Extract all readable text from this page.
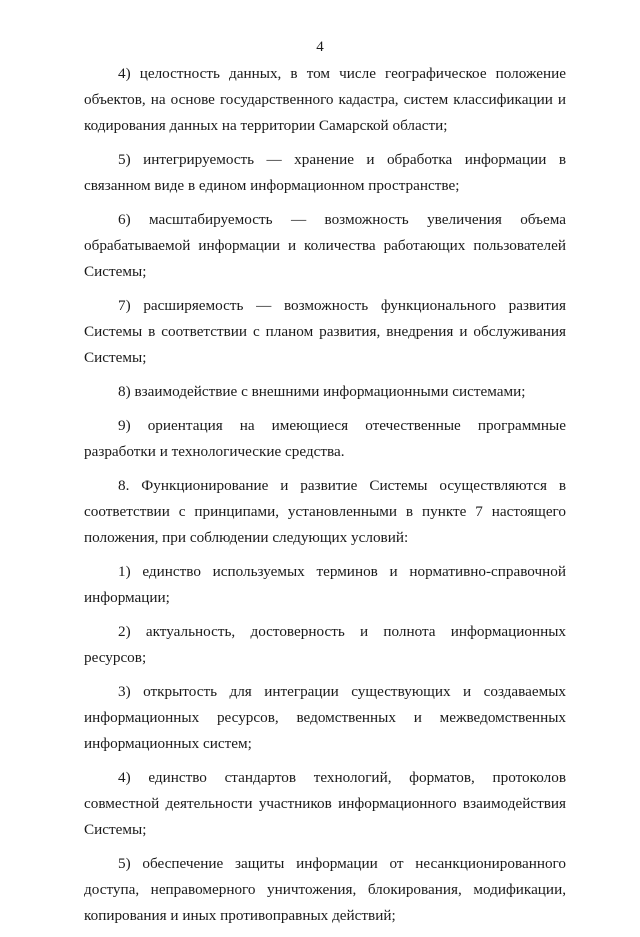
4

4) целостность данных, в том числе географическое положение объектов, на основе государственного кадастра, систем классификации и кодирования данных на территории Самарской области;

5) интегрируемость — хранение и обработка информации в связанном виде в едином информационном пространстве;

6) масштабируемость — возможность увеличения объема обрабатываемой информации и количества работающих пользователей Системы;

7) расширяемость — возможность функционального развития Системы в соответствии с планом развития, внедрения и обслуживания Системы;

8) взаимодействие с внешними информационными системами;

9) ориентация на имеющиеся отечественные программные разработки и технологические средства.

8. Функционирование и развитие Системы осуществляются в соответствии с принципами, установленными в пункте 7 настоящего положения, при соблюдении следующих условий:

1) единство используемых терминов и нормативно-справочной информации;

2) актуальность, достоверность и полнота информационных ресурсов;

3) открытость для интеграции существующих и создаваемых информационных ресурсов, ведомственных и межведомственных информационных систем;

4) единство стандартов технологий, форматов, протоколов совместной деятельности участников информационного взаимодействия Системы;

5) обеспечение защиты информации от несанкционированного доступа, неправомерного уничтожения, блокирования, модификации, копирования и иных противоправных действий;
